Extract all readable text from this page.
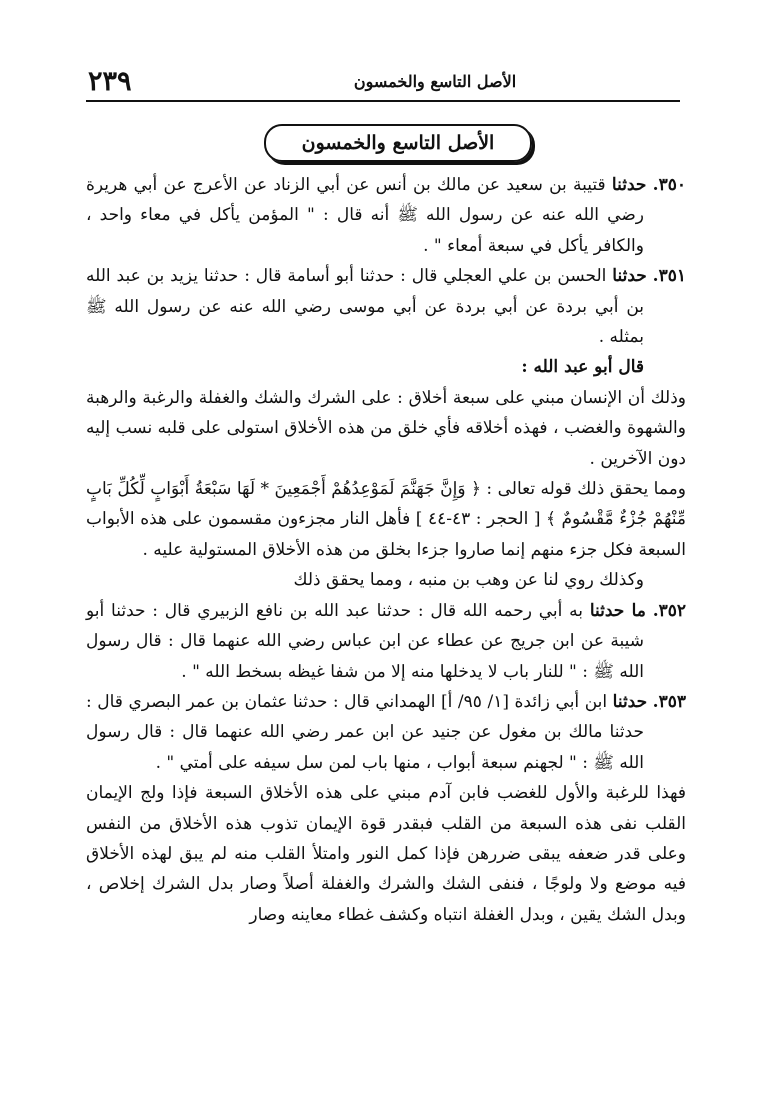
٢٣٩	الأصل التاسع والخمسون
الأصل التاسع والخمسون

٣٥٠. حدثنا قتيبة بن سعيد عن مالك بن أنس عن أبي الزناد عن الأعرج عن أبي هريرة رضي الله عنه عن رسول الله ﷺ أنه قال : " المؤمن يأكل في معاء واحد ، والكافر يأكل في سبعة أمعاء " .

٣٥١. حدثنا الحسن بن علي العجلي قال : حدثنا أبو أسامة قال : حدثنا يزيد بن عبد الله بن أبي بردة عن أبي بردة عن أبي موسى رضي الله عنه عن رسول الله ﷺ بمثله .

قال أبو عبد الله :

وذلك أن الإنسان مبني على سبعة أخلاق : على الشرك والشك والغفلة والرغبة والرهبة والشهوة والغضب ، فهذه أخلاقه فأي خلق من هذه الأخلاق استولى على قلبه نسب إليه دون الآخرين .

ومما يحقق ذلك قوله تعالى : ﴿ وَإِنَّ جَهَنَّمَ لَمَوْعِدُهُمْ أَجْمَعِينَ * لَهَا سَبْعَةُ أَبْوَابٍ لِّكُلِّ بَابٍ مِّنْهُمْ جُزْءٌ مَّقْسُومٌ ﴾ [ الحجر : ٤٣-٤٤ ] فأهل النار مجزءون مقسمون على هذه الأبواب السبعة فكل جزء منهم إنما صاروا جزءا بخلق من هذه الأخلاق المستولية عليه .

وكذلك روي لنا عن وهب بن منبه ، ومما يحقق ذلك

٣٥٢. ما حدثنا به أبي رحمه الله قال : حدثنا عبد الله بن نافع الزبيري قال : حدثنا أبو شيبة عن ابن جريج عن عطاء عن ابن عباس رضي الله عنهما قال : قال رسول الله ﷺ : " للنار باب لا يدخلها منه إلا من شفا غيظه بسخط الله " .

٣٥٣. حدثنا ابن أبي زائدة [١/ ٩٥/ أ] الهمداني قال : حدثنا عثمان بن عمر البصري قال : حدثنا مالك بن مغول عن جنيد عن ابن عمر رضي الله عنهما قال : قال رسول الله ﷺ : " لجهنم سبعة أبواب ، منها باب لمن سل سيفه على أمتي " .

فهذا للرغبة والأول للغضب فابن آدم مبني على هذه الأخلاق السبعة فإذا ولج الإيمان القلب نفى هذه السبعة من القلب فبقدر قوة الإيمان تذوب هذه الأخلاق من النفس وعلى قدر ضعفه يبقى ضررهن فإذا كمل النور وامتلأ القلب منه لم يبق لهذه الأخلاق فيه موضع ولا ولوجًا ، فنفى الشك والشرك والغفلة أصلاً وصار بدل الشرك إخلاص ، وبدل الشك يقين ، وبدل الغفلة انتباه وكشف غطاء معاينه وصار
